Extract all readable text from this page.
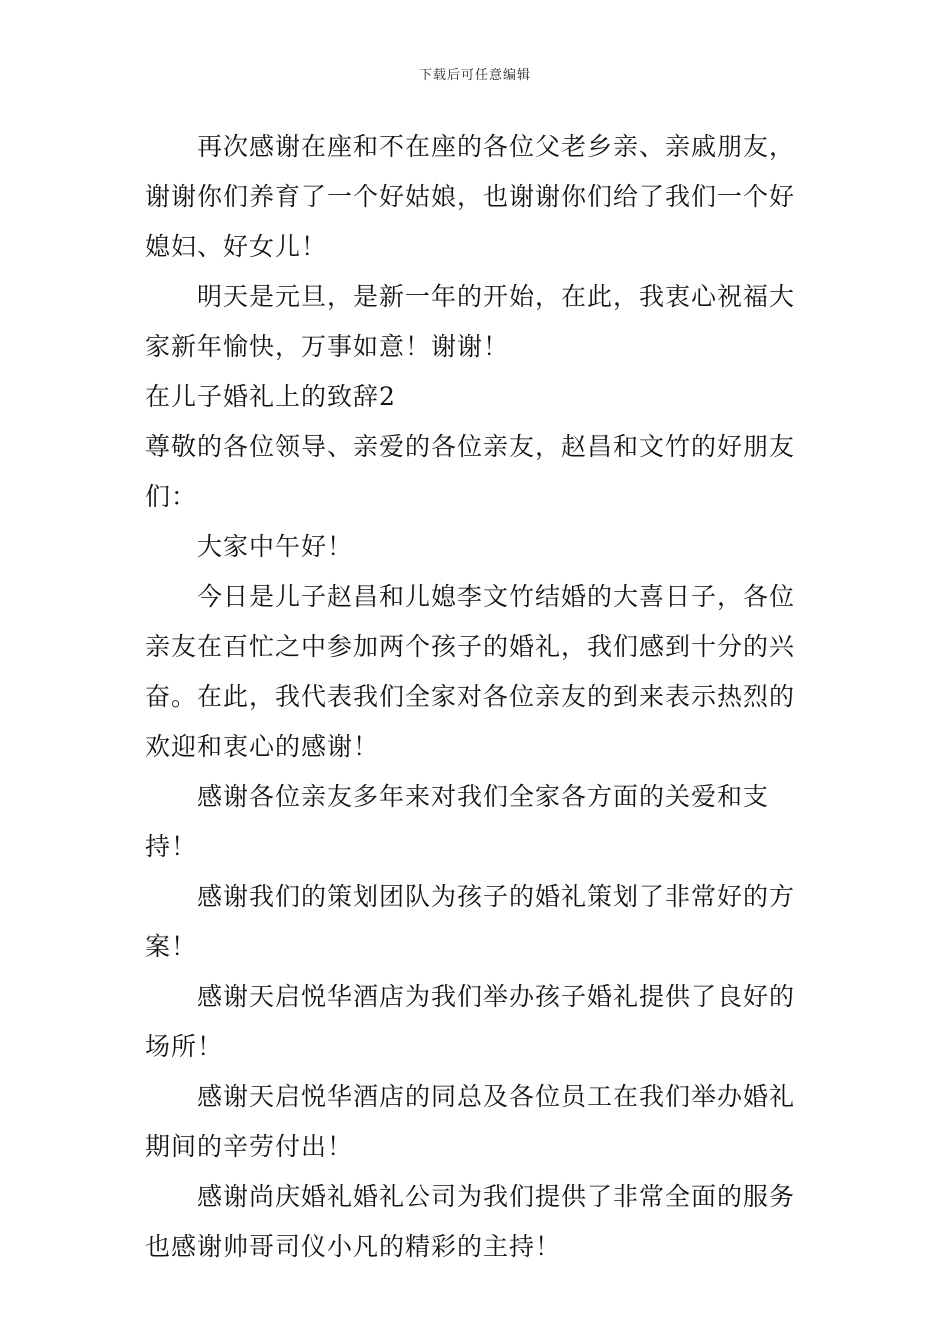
下载后可任意编辑

再次感谢在座和不在座的各位父老乡亲、亲戚朋友，谢谢你们养育了一个好姑娘，也谢谢你们给了我们一个好媳妇、好女儿！

明天是元旦，是新一年的开始，在此，我衷心祝福大家新年愉快，万事如意！谢谢！

在儿子婚礼上的致辞2

尊敬的各位领导、亲爱的各位亲友，赵昌和文竹的好朋友们：

大家中午好！

今日是儿子赵昌和儿媳李文竹结婚的大喜日子，各位亲友在百忙之中参加两个孩子的婚礼，我们感到十分的兴奋。在此，我代表我们全家对各位亲友的到来表示热烈的欢迎和衷心的感谢！

感谢各位亲友多年来对我们全家各方面的关爱和支持！

感谢我们的策划团队为孩子的婚礼策划了非常好的方案！

感谢天启悦华酒店为我们举办孩子婚礼提供了良好的场所！

感谢天启悦华酒店的同总及各位员工在我们举办婚礼期间的辛劳付出！

感谢尚庆婚礼婚礼公司为我们提供了非常全面的服务也感谢帅哥司仪小凡的精彩的主持！
